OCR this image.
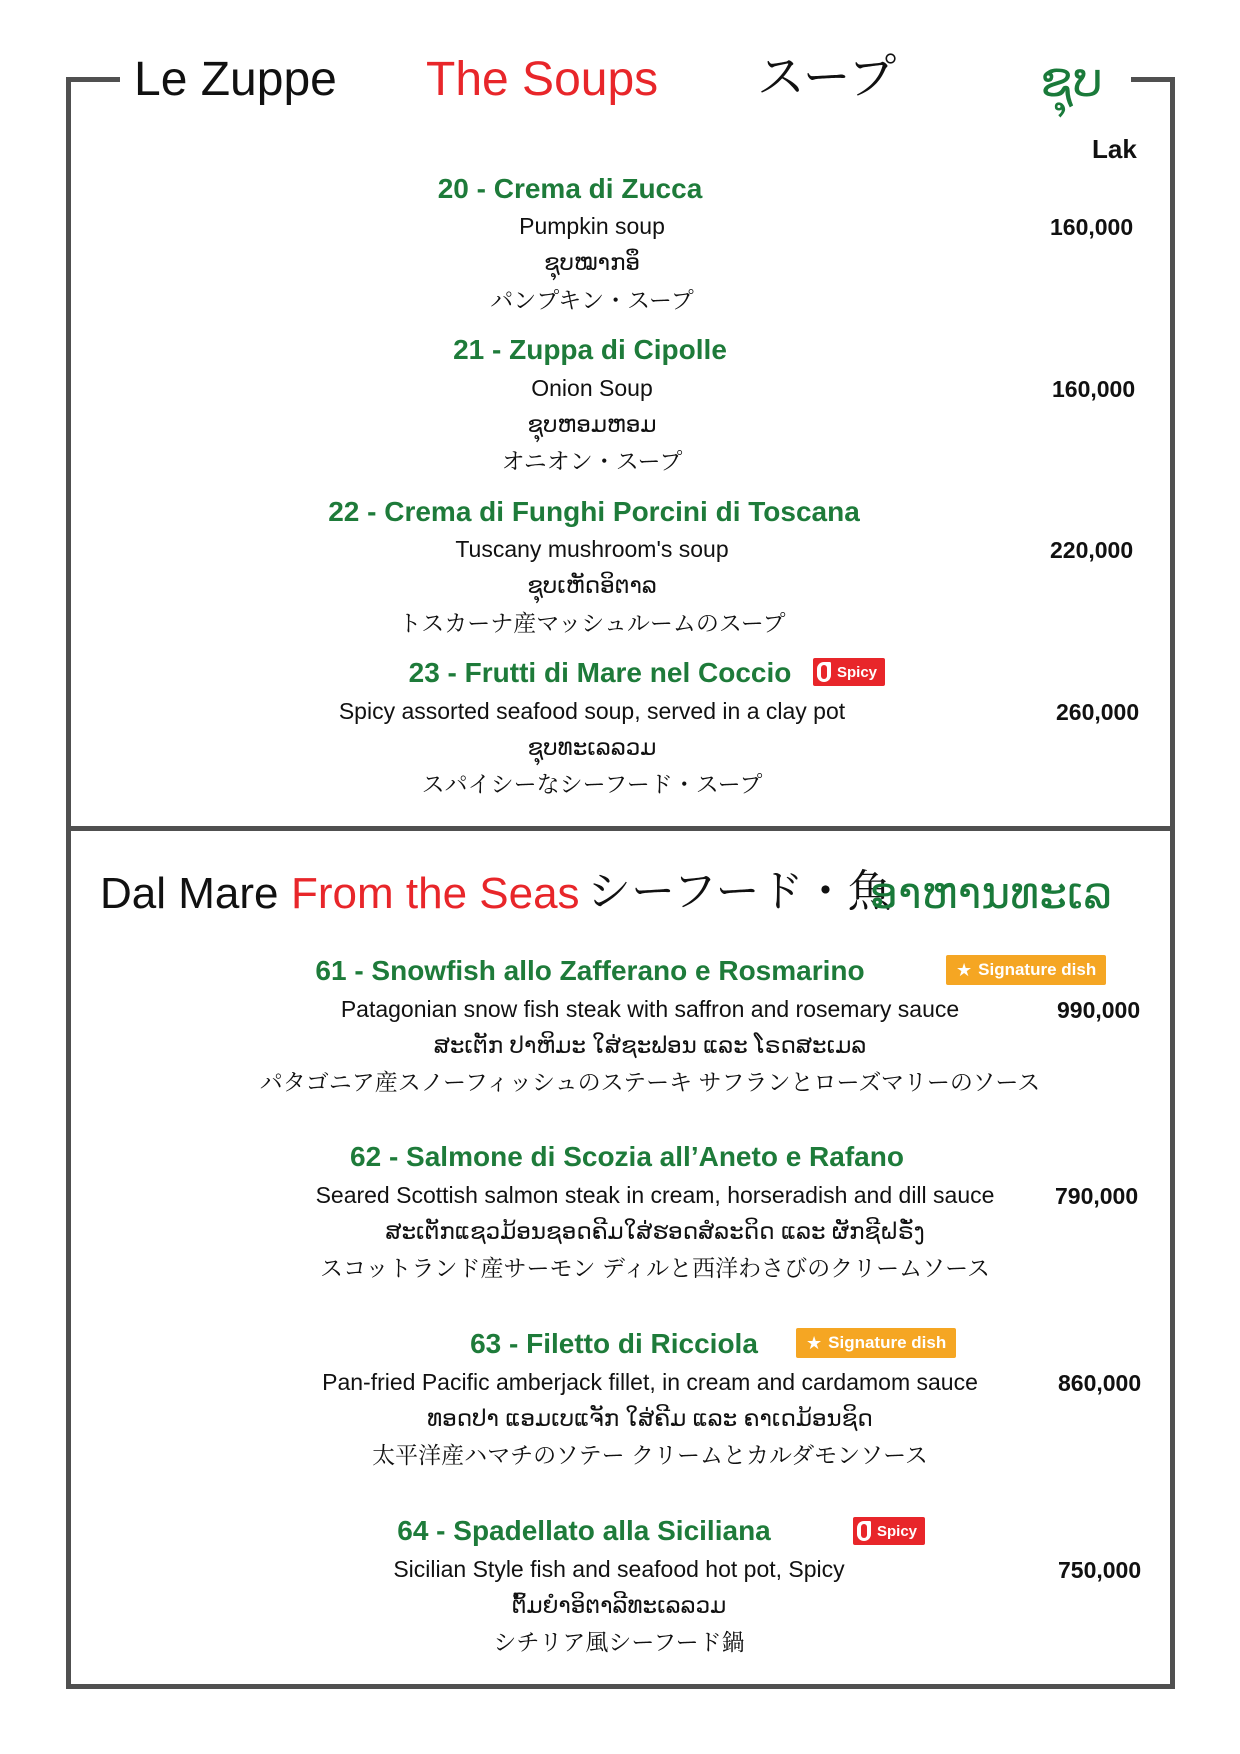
Le Zuppe The Soups スープ	ຊຸບ
Lak
20 - Crema di Zucca
Pumpkin soup
ຊຸບໝາກອຶ
パンプキン・スープ
160,000
21 - Zuppa di Cipolle
Onion Soup
ຊຸບຫອມຫອມ
オニオン・スープ
160,000
22 - Crema di Funghi Porcini di Toscana
Tuscany mushroom's soup
ຊຸບເຫັດອິຕາລ
トスカーナ産マッシュルームのスープ
220,000
23 - Frutti di Mare nel Coccio	Spicy
Spicy assorted seafood soup, served in a clay pot
ຊຸບທະເລລວມ
スパイシーなシーフード・スープ
260,000
Dal Mare From the Seas シーフード・魚
ອາຫານທະເລ
61 - Snowfish allo Zafferano e Rosmarino	★ Signature dish
Patagonian snow fish steak with saffron and rosemary sauce
ສະເຕັກ ປາຫິມະ ໃສ່ຊະຟອນ ແລະ ໂຣດສະເມລ
パタゴニア産スノーフィッシュのステーキ サフランとローズマリーのソース
990,000
62 - Salmone di Scozia all’Aneto e Rafano
Seared Scottish salmon steak in cream, horseradish and dill sauce
ສະເຕັກແຊວມ້ອນຊອດຄີມໃສ່ຮອດສໍລະດິດ ແລະ ຜັກຊີຝຣັ່ງ
スコットランド産サーモン ディルと西洋わさびのクリームソース
790,000
63 - Filetto di Ricciola	★ Signature dish
Pan-fried Pacific amberjack fillet, in cream and cardamom sauce
ທອດປາ ແອມເບແຈັກ ໃສ່ຄີມ ແລະ ຄາເດມ້ອນຊິດ
太平洋産ハマチのソテー クリームとカルダモンソース
860,000
64 - Spadellato alla Siciliana	Spicy
Sicilian Style fish and seafood hot pot, Spicy
ຕົ້ມຍຳອິຕາລີທະເລລວມ
シチリア風シーフード鍋
750,000
